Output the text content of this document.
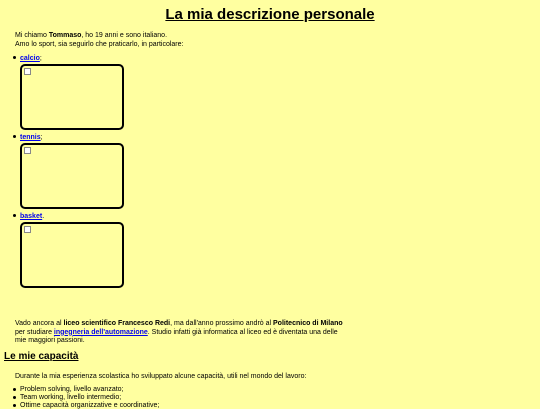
La mia descrizione personale

Mi chiamo Tommaso, ho 19 anni e sono italiano.
Amo lo sport, sia seguirlo che praticarlo, in particolare:

calcio;
tennis;
basket.

Vado ancora al liceo scientifico Francesco Redi, ma dall'anno prossimo andrò al Politecnico di Milano per studiare ingegneria dell'automazione. Studio infatti già informatica al liceo ed è diventata una delle mie maggiori passioni.

Le mie capacità

Durante la mia esperienza scolastica ho sviluppato alcune capacità, utili nel mondo del lavoro:

Problem solving, livello avanzato;
Team working, livello intermedio;
Ottime capacità organizzative e coordinative;
